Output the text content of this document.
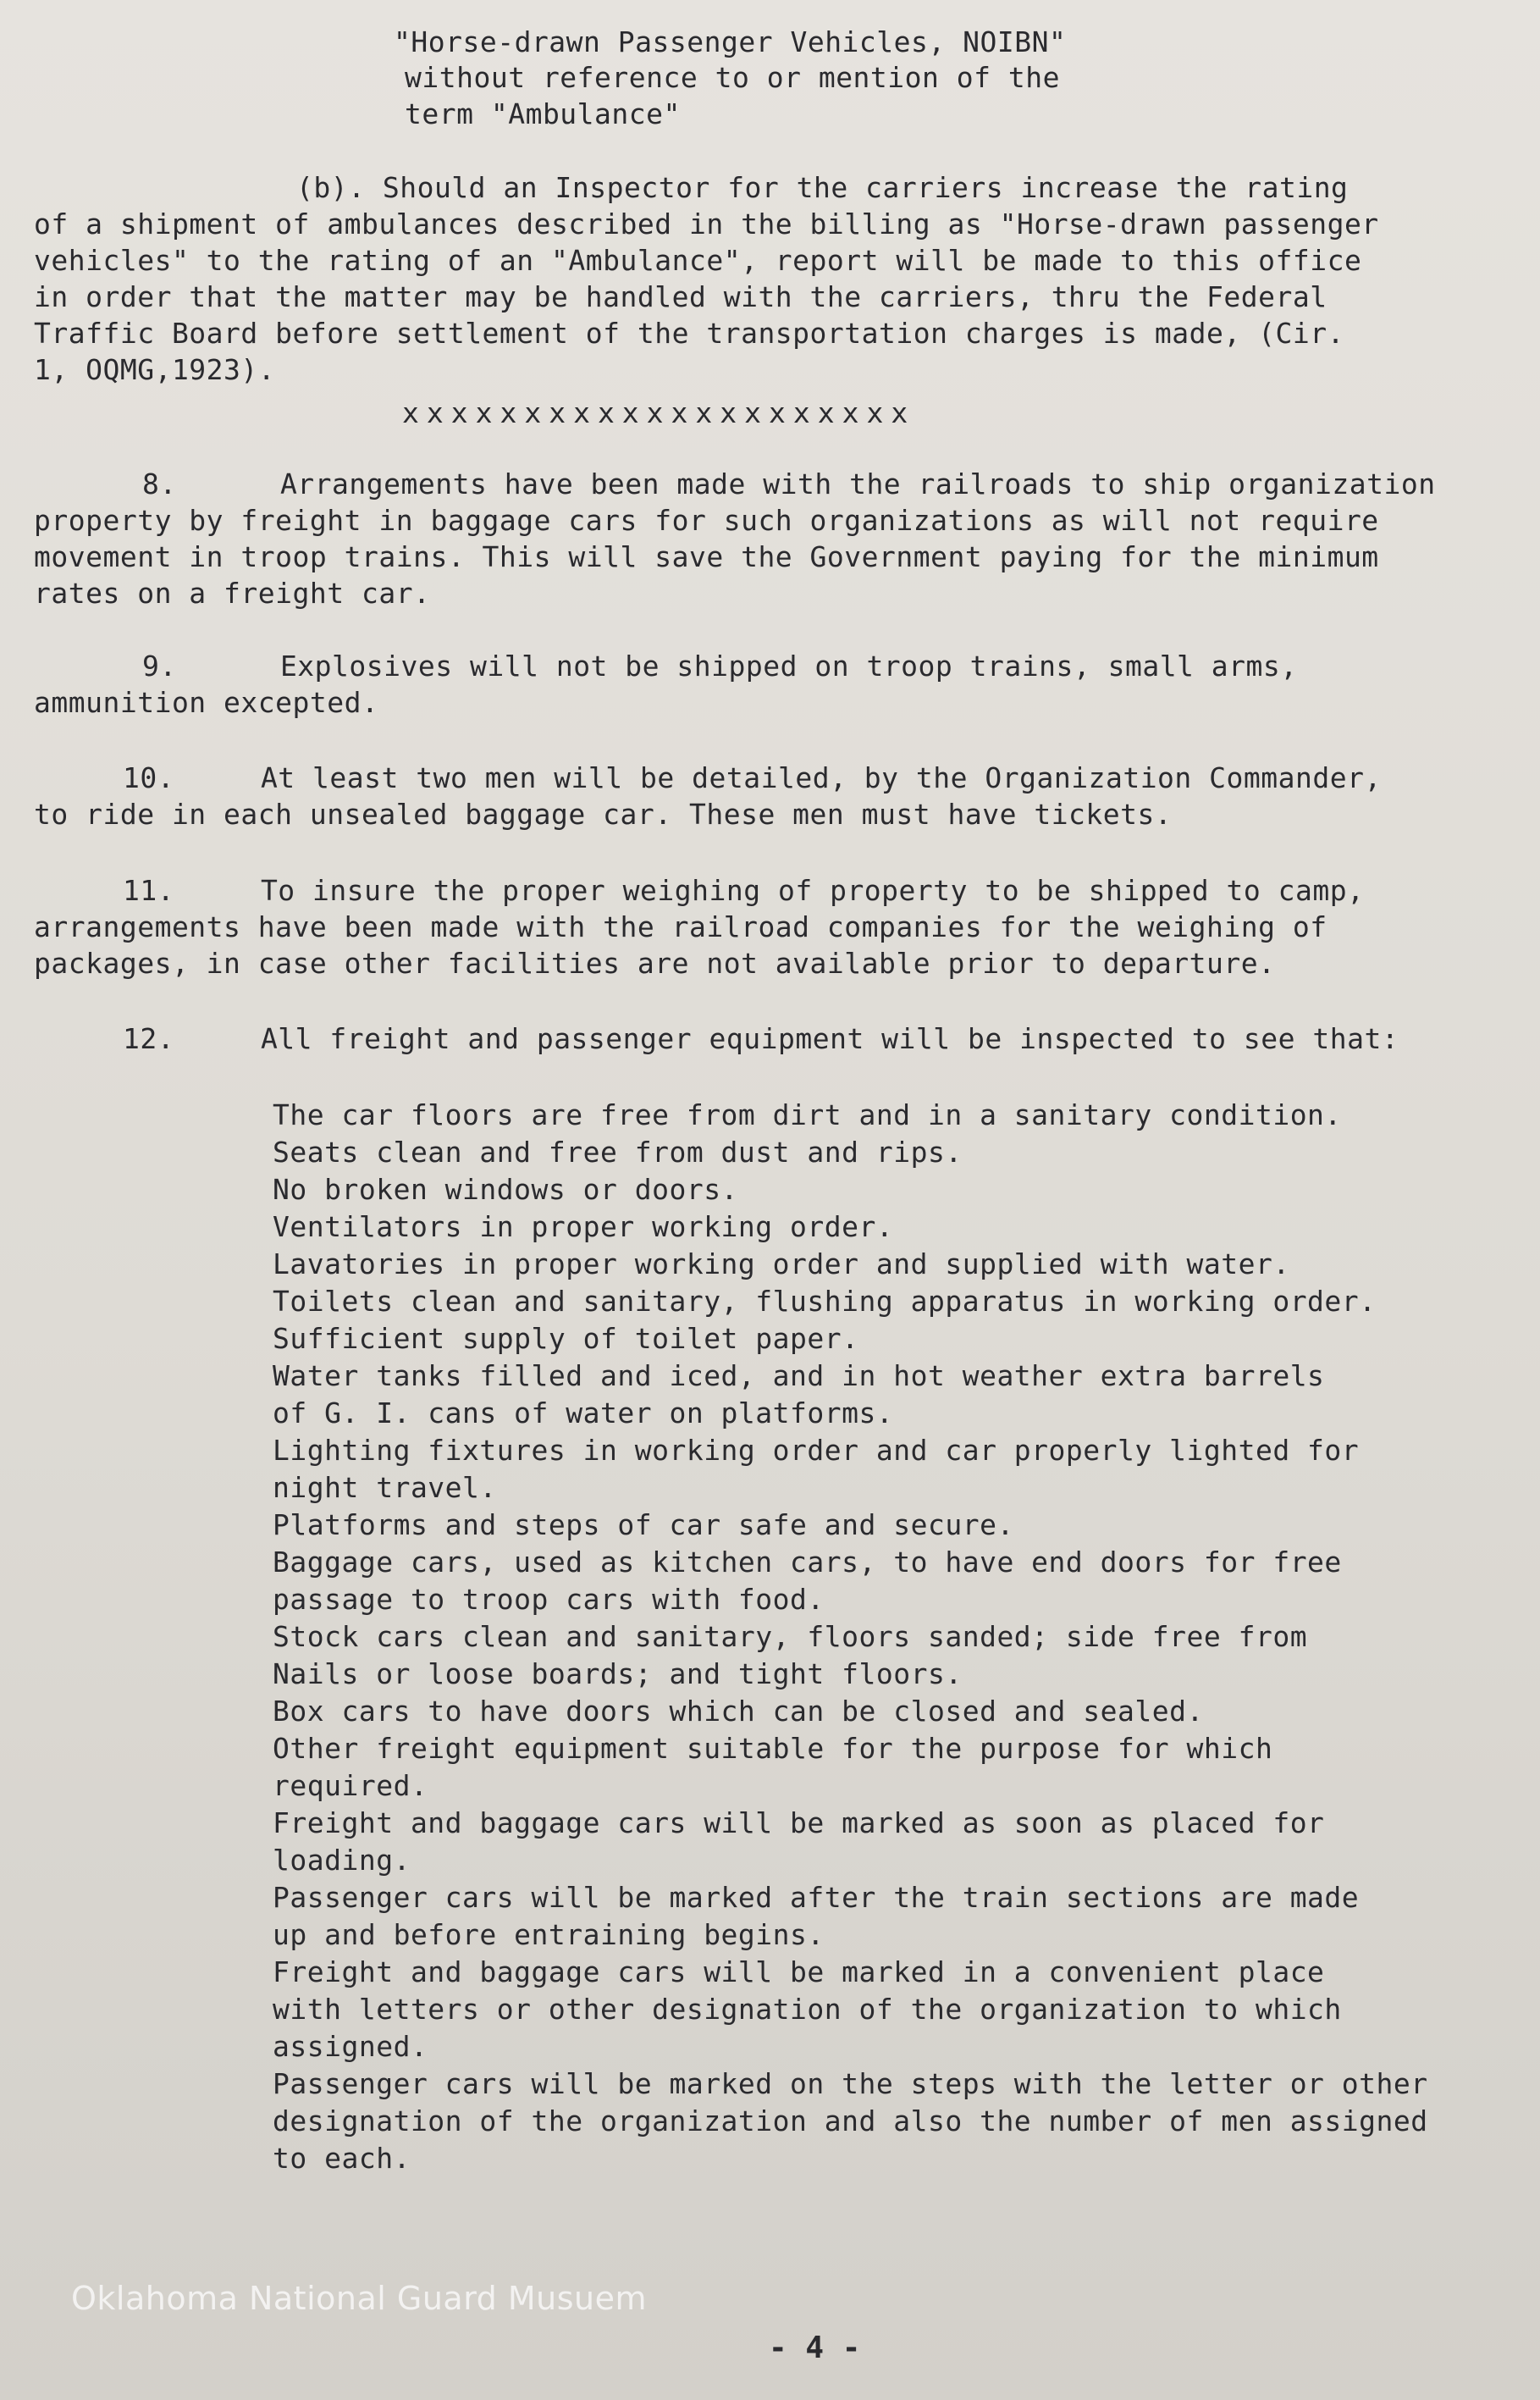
"Horse-drawn Passenger Vehicles, NOIBN"
without reference to or mention of the
term "Ambulance"
(b). Should an Inspector for the carriers increase the rating
of a shipment of ambulances described in the billing as "Horse-drawn passenger
vehicles" to the rating of an "Ambulance", report will be made to this office
in order that the matter may be handled with the carriers, thru the Federal
Traffic Board before settlement of the transportation charges is made, (Cir.
1, OQMG,1923).
xxxxxxxxxxxxxxxxxxxxx
8.      Arrangements have been made with the railroads to ship organization
property by freight in baggage cars for such organizations as will not require
movement in troop trains. This will save the Government paying for the minimum
rates on a freight car.
9.      Explosives will not be shipped on troop trains, small arms,
ammunition excepted.
10.     At least two men will be detailed, by the Organization Commander,
to ride in each unsealed baggage car. These men must have tickets.
11.     To insure the proper weighing of property to be shipped to camp,
arrangements have been made with the railroad companies for the weighing of
packages, in case other facilities are not available prior to departure.
12.     All freight and passenger equipment will be inspected to see that:
The car floors are free from dirt and in a sanitary condition.
Seats clean and free from dust and rips.
No broken windows or doors.
Ventilators in proper working order.
Lavatories in proper working order and supplied with water.
Toilets clean and sanitary, flushing apparatus in working order.
Sufficient supply of toilet paper.
Water tanks filled and iced, and in hot weather extra barrels
of G. I. cans of water on platforms.
Lighting fixtures in working order and car properly lighted for
night travel.
Platforms and steps of car safe and secure.
Baggage cars, used as kitchen cars, to have end doors for free
passage to troop cars with food.
Stock cars clean and sanitary, floors sanded; side free from
Nails or loose boards; and tight floors.
Box cars to have doors which can be closed and sealed.
Other freight equipment suitable for the purpose for which
required.
Freight and baggage cars will be marked as soon as placed for
loading.
Passenger cars will be marked after the train sections are made
up and before entraining begins.
Freight and baggage cars will be marked in a convenient place
with letters or other designation of the organization to which
assigned.
Passenger cars will be marked on the steps with the letter or other
designation of the organization and also the number of men assigned
to each.
Oklahoma National Guard Musuem
- 4 -
